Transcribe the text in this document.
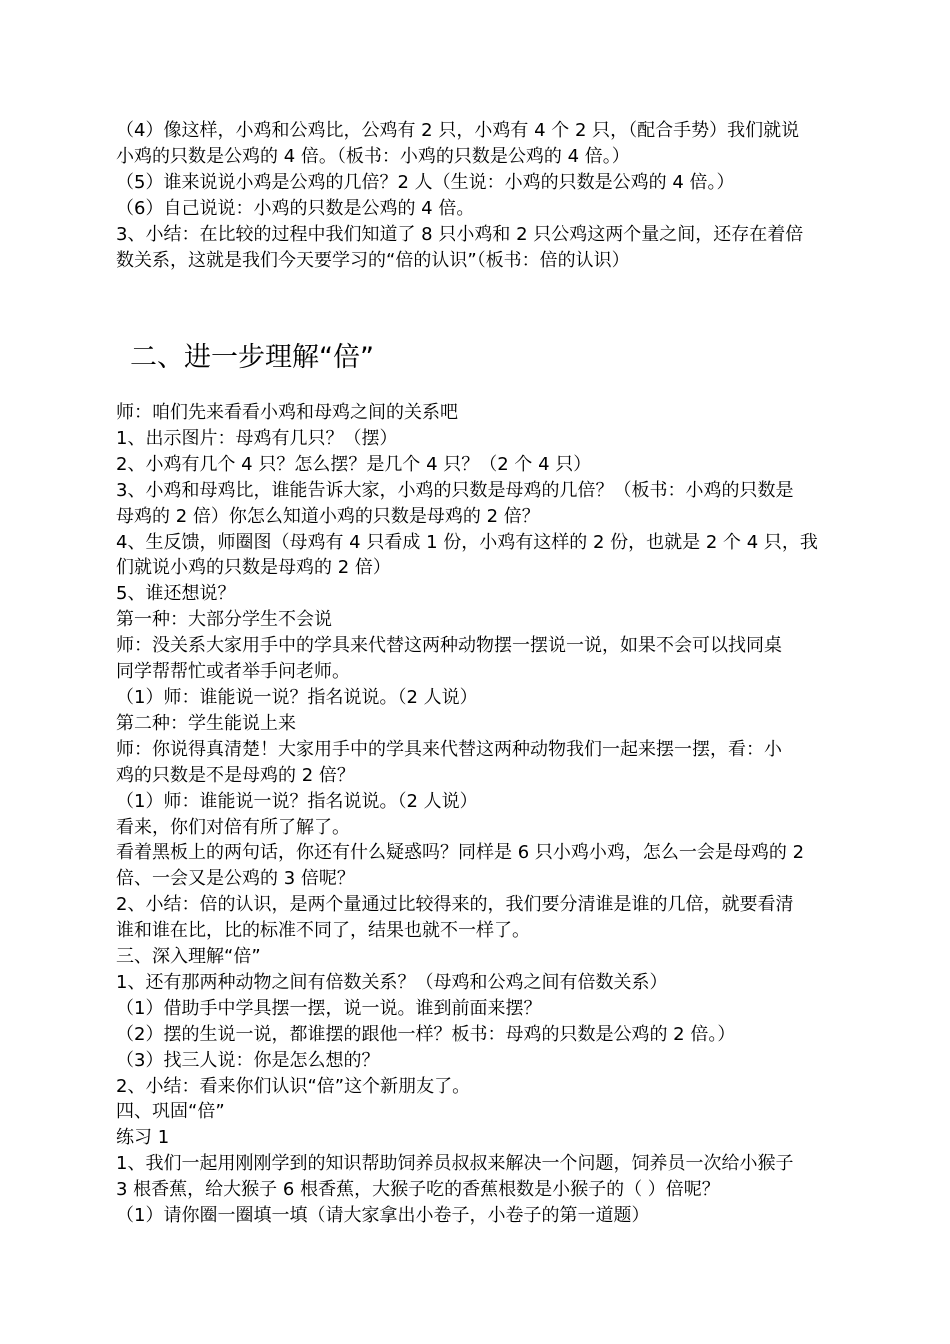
（4）像这样，小鸡和公鸡比，公鸡有 2 只，小鸡有 4 个 2 只，（配合手势）我们就说
小鸡的只数是公鸡的 4 倍。（板书：小鸡的只数是公鸡的 4 倍。）
（5）谁来说说小鸡是公鸡的几倍？2 人（生说：小鸡的只数是公鸡的 4 倍。）
（6）自己说说：小鸡的只数是公鸡的 4 倍。
3、小结：在比较的过程中我们知道了 8 只小鸡和 2 只公鸡这两个量之间，还存在着倍
数关系，这就是我们今天要学习的“倍的认识”（板书：倍的认识）
二、进一步理解“倍”
师：咱们先来看看小鸡和母鸡之间的关系吧
1、出示图片：母鸡有几只？（摆）
2、小鸡有几个 4 只？怎么摆？是几个 4 只？（2 个 4 只）
3、小鸡和母鸡比，谁能告诉大家，小鸡的只数是母鸡的几倍？（板书：小鸡的只数是
母鸡的 2 倍）你怎么知道小鸡的只数是母鸡的 2 倍？
4、生反馈，师圈图（母鸡有 4 只看成 1 份，小鸡有这样的 2 份，也就是 2 个 4 只，我
们就说小鸡的只数是母鸡的 2 倍）
5、谁还想说？
第一种：大部分学生不会说
师：没关系大家用手中的学具来代替这两种动物摆一摆说一说，如果不会可以找同桌
同学帮帮忙或者举手问老师。
（1）师：谁能说一说？指名说说。（2 人说）
第二种：学生能说上来
师：你说得真清楚！大家用手中的学具来代替这两种动物我们一起来摆一摆，看：小
鸡的只数是不是母鸡的 2 倍？
（1）师：谁能说一说？指名说说。（2 人说）
看来，你们对倍有所了解了。
看着黑板上的两句话，你还有什么疑惑吗？同样是 6 只小鸡小鸡，怎么一会是母鸡的 2
倍、一会又是公鸡的 3 倍呢？
2、小结：倍的认识，是两个量通过比较得来的，我们要分清谁是谁的几倍，就要看清
谁和谁在比，比的标准不同了，结果也就不一样了。
三、深入理解“倍”
1、还有那两种动物之间有倍数关系？（母鸡和公鸡之间有倍数关系）
（1）借助手中学具摆一摆，说一说。谁到前面来摆？
（2）摆的生说一说，都谁摆的跟他一样？板书：母鸡的只数是公鸡的 2 倍。）
（3）找三人说：你是怎么想的？
2、小结：看来你们认识“倍”这个新朋友了。
四、巩固“倍”
练习 1
1、我们一起用刚刚学到的知识帮助饲养员叔叔来解决一个问题，饲养员一次给小猴子
3 根香蕉，给大猴子 6 根香蕉，大猴子吃的香蕉根数是小猴子的（ ）倍呢？
（1）请你圈一圈填一填（请大家拿出小卷子，小卷子的第一道题）
